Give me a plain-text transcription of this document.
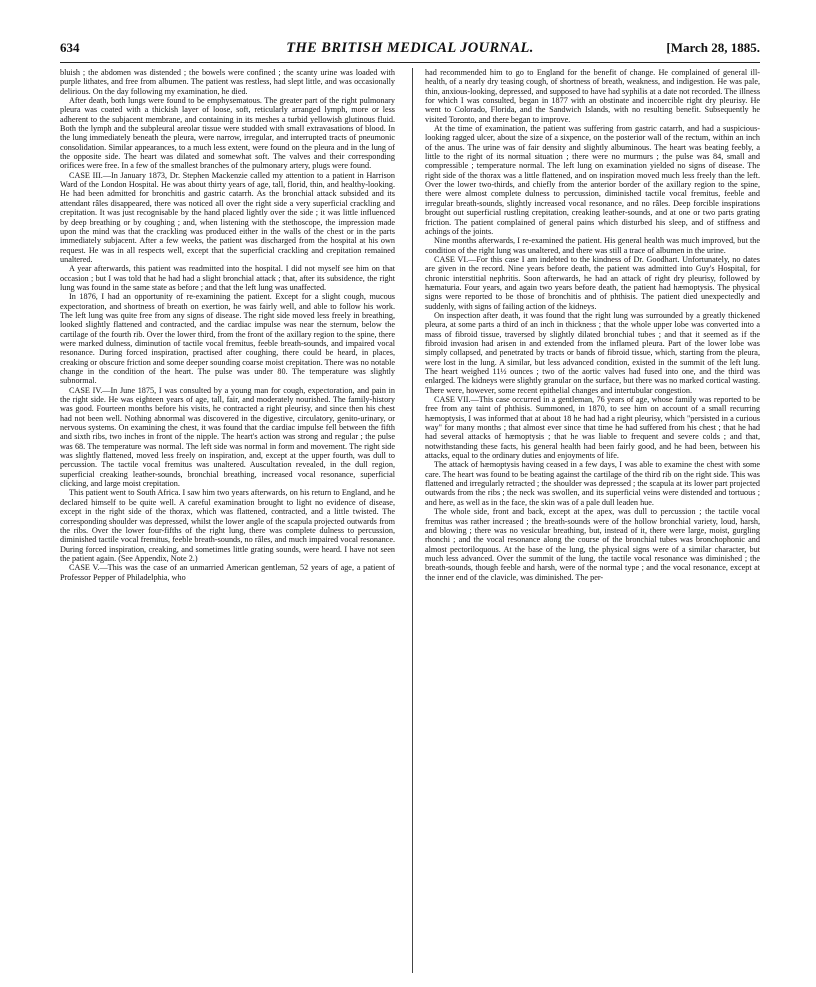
634	THE BRITISH MEDICAL JOURNAL.	[March 28, 1885.

bluish ; the abdomen was distended ; the bowels were confined ; the scanty urine was loaded with purple lithates, and free from albumen. The patient was restless, had slept little, and was occasionally delirious. On the day following my examination, he died.

After death, both lungs were found to be emphysematous. The greater part of the right pulmonary pleura was coated with a thickish layer of loose, soft, reticularly arranged lymph, more or less adherent to the subjacent membrane, and containing in its meshes a turbid yellowish glutinous fluid. Both the lymph and the subpleural areolar tissue were studded with small extravasations of blood. In the lung immediately beneath the pleura, were narrow, irregular, and interrupted tracts of pneumonic consolidation. Similar appearances, to a much less extent, were found on the pleura and in the lung of the opposite side. The heart was dilated and somewhat soft. The valves and their corresponding orifices were free. In a few of the smallest branches of the pulmonary artery, plugs were found.

CASE III.—In January 1873, Dr. Stephen Mackenzie called my attention to a patient in Harrison Ward of the London Hospital. He was about thirty years of age, tall, florid, thin, and healthy-looking. He had been admitted for bronchitis and gastric catarrh. As the bronchial attack subsided and its attendant râles disappeared, there was noticed all over the right side a very superficial crackling and crepitation. It was just recognisable by the hand placed lightly over the side ; it was little influenced by deep breathing or by coughing ; and, when listening with the stethoscope, the impression made upon the mind was that the crackling was produced either in the walls of the chest or in the parts immediately subjacent. After a few weeks, the patient was discharged from the hospital at his own request. He was in all respects well, except that the superficial crackling and crepitation remained unaltered.

A year afterwards, this patient was readmitted into the hospital. I did not myself see him on that occasion ; but I was told that he had had a slight bronchial attack ; that, after its subsidence, the right lung was found in the same state as before ; and that the left lung was unaffected.

In 1876, I had an opportunity of re-examining the patient. Except for a slight cough, mucous expectoration, and shortness of breath on exertion, he was fairly well, and able to follow his work. The left lung was quite free from any signs of disease. The right side moved less freely in breathing, looked slightly flattened and contracted, and the cardiac impulse was near the sternum, below the cartilage of the fourth rib. Over the lower third, from the front of the axillary region to the spine, there were marked dulness, diminution of tactile vocal fremitus, feeble breath-sounds, and impaired vocal resonance. During forced inspiration, practised after coughing, there could be heard, in places, creaking or obscure friction and some deeper sounding coarse moist crepitation. There was no notable change in the condition of the heart. The pulse was under 80. The temperature was slightly subnormal.

CASE IV.—In June 1875, I was consulted by a young man for cough, expectoration, and pain in the right side. He was eighteen years of age, tall, fair, and moderately nourished. The family-history was good. Fourteen months before his visits, he contracted a right pleurisy, and since then his chest had not been well. Nothing abnormal was discovered in the digestive, circulatory, genito-urinary, or nervous systems. On examining the chest, it was found that the cardiac impulse fell between the fifth and sixth ribs, two inches in front of the nipple. The heart's action was strong and regular ; the pulse was 68. The temperature was normal. The left side was normal in form and movement. The right side was slightly flattened, moved less freely on inspiration, and, except at the upper fourth, was dull to percussion. The tactile vocal fremitus was unaltered. Auscultation revealed, in the dull region, superficial creaking leather-sounds, bronchial breathing, increased vocal resonance, superficial clicking, and large moist crepitation.

This patient went to South Africa. I saw him two years afterwards, on his return to England, and he declared himself to be quite well. A careful examination brought to light no evidence of disease, except in the right side of the thorax, which was flattened, contracted, and a little twisted. The corresponding shoulder was depressed, whilst the lower angle of the scapula projected outwards from the ribs. Over the lower four-fifths of the right lung, there was complete dulness to percussion, diminished tactile vocal fremitus, feeble breath-sounds, no râles, and much impaired vocal resonance. During forced inspiration, creaking, and sometimes little grating sounds, were heard. I have not seen the patient again. (See Appendix, Note 2.)

CASE V.—This was the case of an unmarried American gentleman, 52 years of age, a patient of Professor Pepper of Philadelphia, who

had recommended him to go to England for the benefit of change. He complained of general ill-health, of a nearly dry teasing cough, of shortness of breath, weakness, and indigestion. He was pale, thin, anxious-looking, depressed, and supposed to have had syphilis at a date not recorded. The illness for which I was consulted, began in 1877 with an obstinate and incoercible right dry pleurisy. He went to Colorado, Florida, and the Sandwich Islands, with no resulting benefit. Subsequently he visited Toronto, and there began to improve.

At the time of examination, the patient was suffering from gastric catarrh, and had a suspicious-looking ragged ulcer, about the size of a sixpence, on the posterior wall of the rectum, within an inch of the anus. The urine was of fair density and slightly albuminous. The heart was beating feebly, a little to the right of its normal situation ; there were no murmurs ; the pulse was 84, small and compressible ; temperature normal. The left lung on examination yielded no signs of disease. The right side of the thorax was a little flattened, and on inspiration moved much less freely than the left. Over the lower two-thirds, and chiefly from the anterior border of the axillary region to the spine, there were almost complete dulness to percussion, diminished tactile vocal fremitus, feeble and irregular breath-sounds, slightly increased vocal resonance, and no râles. Deep forcible inspirations brought out superficial rustling crepitation, creaking leather-sounds, and at one or two parts grating friction. The patient complained of general pains which disturbed his sleep, and of stiffness and achings of the joints.

Nine months afterwards, I re-examined the patient. His general health was much improved, but the condition of the right lung was unaltered, and there was still a trace of albumen in the urine.

CASE VI.—For this case I am indebted to the kindness of Dr. Goodhart. Unfortunately, no dates are given in the record. Nine years before death, the patient was admitted into Guy's Hospital, for chronic interstitial nephritis. Soon afterwards, he had an attack of right dry pleurisy, followed by hæmaturia. Four years, and again two years before death, the patient had hæmoptysis. The physical signs were reported to be those of bronchitis and of phthisis. The patient died unexpectedly and suddenly, with signs of failing action of the kidneys.

On inspection after death, it was found that the right lung was surrounded by a greatly thickened pleura, at some parts a third of an inch in thickness ; that the whole upper lobe was converted into a mass of fibroid tissue, traversed by slightly dilated bronchial tubes ; and that it seemed as if the fibroid invasion had arisen in and extended from the inflamed pleura. Part of the lower lobe was simply collapsed, and penetrated by tracts or bands of fibroid tissue, which, starting from the pleura, were lost in the lung. A similar, but less advanced condition, existed in the summit of the left lung. The heart weighed 11½ ounces ; two of the aortic valves had fused into one, and the third was enlarged. The kidneys were slightly granular on the surface, but there was no marked cortical wasting. There were, however, some recent epithelial changes and intertubular congestion.

CASE VII.—This case occurred in a gentleman, 76 years of age, whose family was reported to be free from any taint of phthisis. Summoned, in 1870, to see him on account of a small recurring hæmoptysis, I was informed that at about 18 he had had a right pleurisy, which "persisted in a curious way" for many months ; that almost ever since that time he had suffered from his chest ; that he had had several attacks of hæmoptysis ; that he was liable to frequent and severe colds ; and that, notwithstanding these facts, his general health had been fairly good, and he had been, between his attacks, equal to the ordinary duties and enjoyments of life.

The attack of hæmoptysis having ceased in a few days, I was able to examine the chest with some care. The heart was found to be beating against the cartilage of the third rib on the right side. This was flattened and irregularly retracted ; the shoulder was depressed ; the scapula at its lower part projected outwards from the ribs ; the neck was swollen, and its superficial veins were distended and tortuous ; and here, as well as in the face, the skin was of a pale dull leaden hue.

The whole side, front and back, except at the apex, was dull to percussion ; the tactile vocal fremitus was rather increased ; the breath-sounds were of the hollow bronchial variety, loud, harsh, and blowing ; there was no vesicular breathing, but, instead of it, there were large, moist, gurgling rhonchi ; and the vocal resonance along the course of the bronchial tubes was bronchophonic and almost pectoriloquous. At the base of the lung, the physical signs were of a similar character, but much less advanced. Over the summit of the lung, the tactile vocal resonance was diminished ; the breath-sounds, though feeble and harsh, were of the normal type ; and the vocal resonance, except at the inner end of the clavicle, was diminished. The per-
